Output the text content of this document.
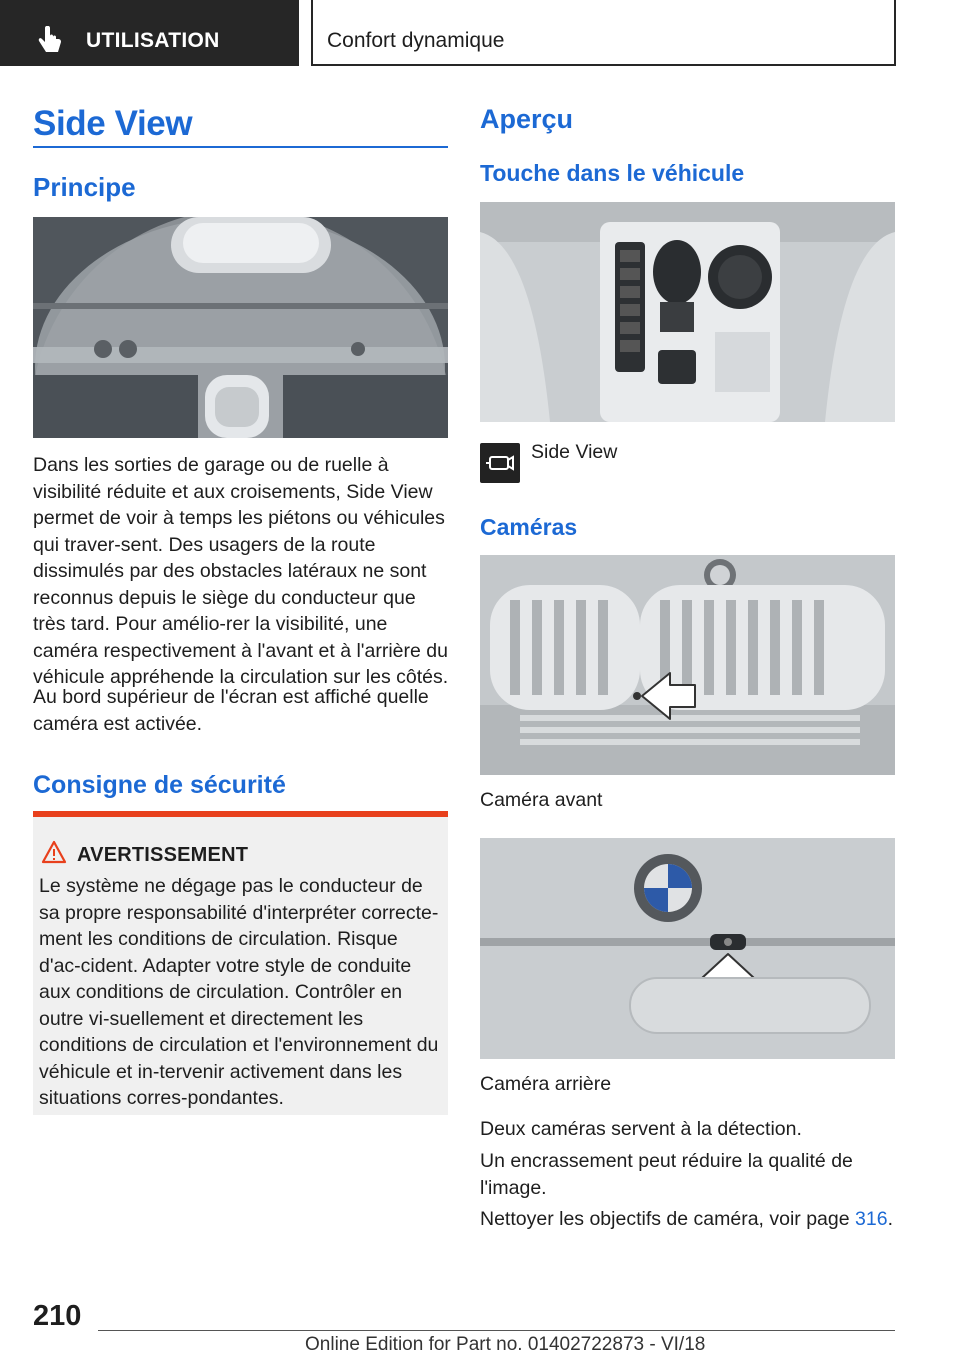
UTILISATION	Confort dynamique
Side View
Principe

Dans les sorties de garage ou de ruelle à visibilité réduite et aux croisements, Side View permet de voir à temps les piétons ou véhicules qui traver-sent. Des usagers de la route dissimulés par des obstacles latéraux ne sont reconnus depuis le siège du conducteur que très tard. Pour amélio-rer la visibilité, une caméra respectivement à l'avant et à l'arrière du véhicule appréhende la circulation sur les côtés.

Au bord supérieur de l'écran est affiché quelle caméra est activée.

Consigne de sécurité
AVERTISSEMENT

Le système ne dégage pas le conducteur de sa propre responsabilité d'interpréter correcte-ment les conditions de circulation. Risque d'ac-cident. Adapter votre style de conduite aux conditions de circulation. Contrôler en outre vi-suellement et directement les conditions de circulation et l'environnement du véhicule et in-tervenir activement dans les situations corres-pondantes.

Aperçu
Touche dans le véhicule
Side View
Caméras
Caméra avant
Caméra arrière

Deux caméras servent à la détection.

Un encrassement peut réduire la qualité de l'image.

Nettoyer les objectifs de caméra, voir page 316.

210
Online Edition for Part no. 01402722873 - VI/18
